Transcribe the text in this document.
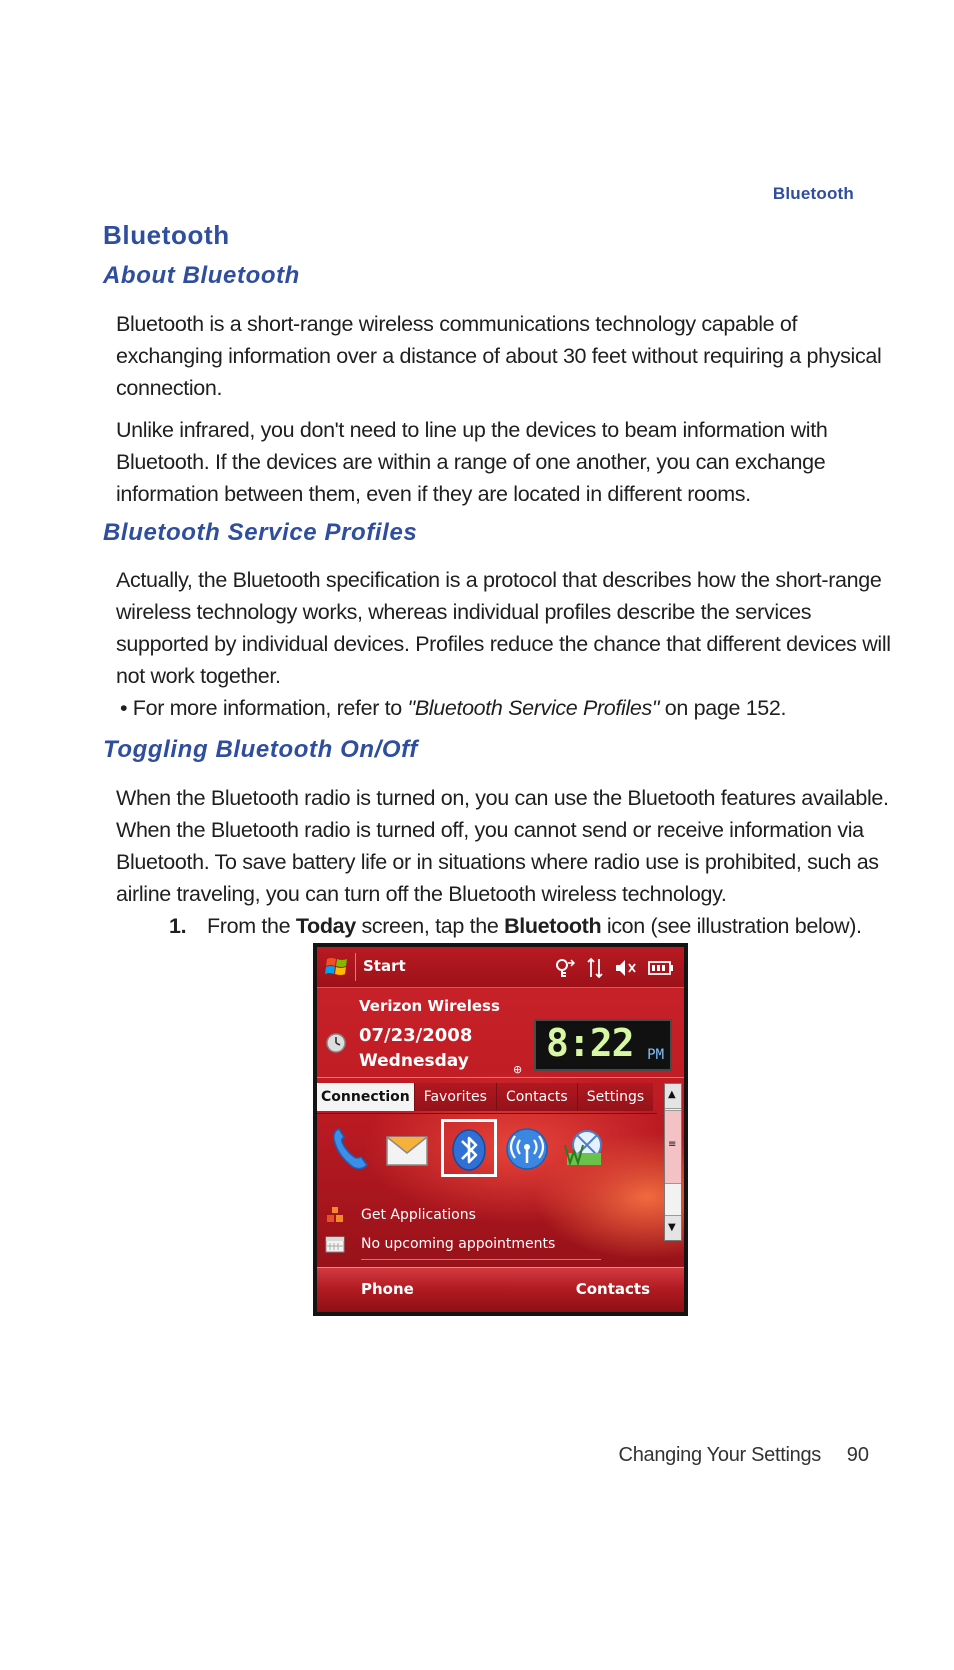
Bluetooth
Bluetooth
About Bluetooth
Bluetooth is a short-range wireless communications technology capable of exchanging information over a distance of about 30 feet without requiring a physical connection.
Unlike infrared, you don't need to line up the devices to beam information with Bluetooth. If the devices are within a range of one another, you can exchange information between them, even if they are located in different rooms.
Bluetooth Service Profiles
Actually, the Bluetooth specification is a protocol that describes how the short-range wireless technology works, whereas individual profiles describe the services supported by individual devices. Profiles reduce the chance that different devices will not work together.
• For more information, refer to "Bluetooth Service Profiles" on page 152.
Toggling Bluetooth On/Off
When the Bluetooth radio is turned on, you can use the Bluetooth features available. When the Bluetooth radio is turned off, you cannot send or receive information via Bluetooth. To save battery life or in situations where radio use is prohibited, such as airline traveling, you can turn off the Bluetooth wireless technology.
1. From the Today screen, tap the Bluetooth icon (see illustration below).
Start
Verizon Wireless
07/23/2008
Wednesday	⊕
8:22 PM
Connection	Favorites	Contacts	Settings	▲
≡
▼
Get Applications
No upcoming appointments
Phone	Contacts
Changing Your Settings 90
